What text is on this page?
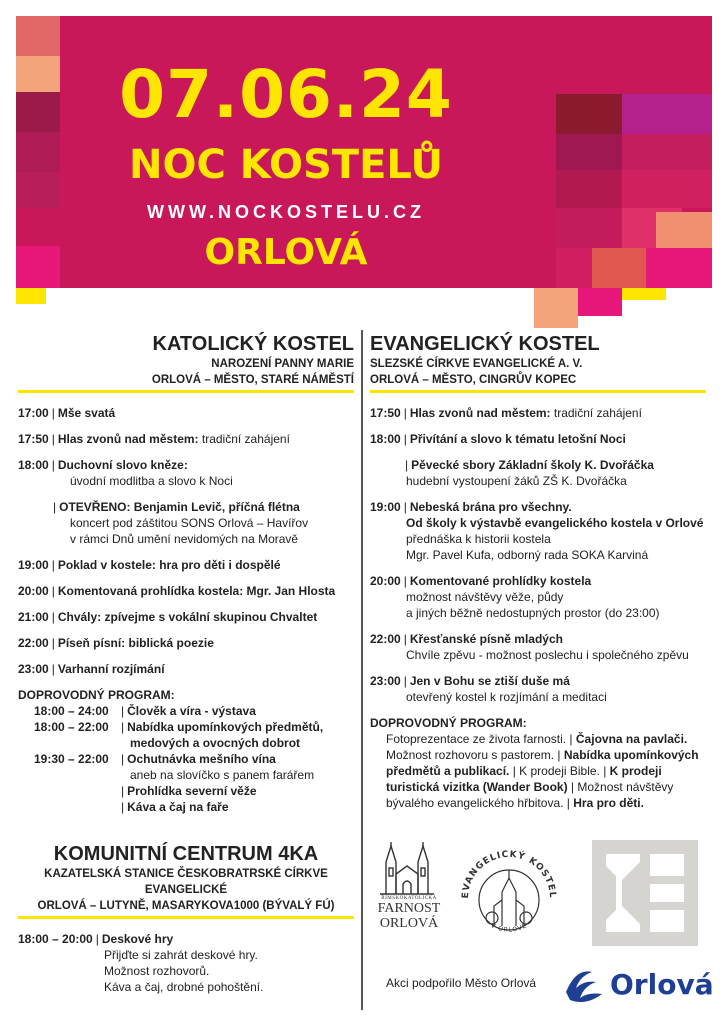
07.06.24
NOC KOSTELŮ
WWW.NOCKOSTELU.CZ
ORLOVÁ
KATOLICKÝ KOSTEL
NAROZENÍ PANNY MARIE
ORLOVÁ – MĚSTO, STARÉ NÁMĚSTÍ
17:00 | Mše svatá
17:50 | Hlas zvonů nad městem: tradiční zahájení
18:00 | Duchovní slovo kněze:
úvodní modlitba a slovo k Noci
| OTEVŘENO: Benjamin Levič, příčná flétna
koncert pod záštitou SONS Orlová – Havířov
v rámci Dnů umění nevidomých na Moravě
19:00 | Poklad v kostele: hra pro děti i dospělé
20:00 | Komentovaná prohlídka kostela: Mgr. Jan Hlosta
21:00 | Chvály: zpívejme s vokální skupinou Chvaltet
22:00 | Píseň písní: biblická poezie
23:00 | Varhanní rozjímání
DOPROVODNÝ PROGRAM:
18:00 – 24:00	| Člověk a víra - výstava
18:00 – 22:00	| Nabídka upomínkových předmětů,
medových a ovocných dobrot
19:30 – 22:00	| Ochutnávka mešního vína
aneb na slovíčko s panem farářem
| Prohlídka severní věže
| Káva a čaj na faře
EVANGELICKÝ KOSTEL
SLEZSKÉ CÍRKVE EVANGELICKÉ A. V.
ORLOVÁ – MĚSTO, CINGRŮV KOPEC
17:50 | Hlas zvonů nad městem: tradiční zahájení
18:00 | Přivítání a slovo k tématu letošní Noci
| Pěvecké sbory Základní školy K. Dvořáčka
hudební vystoupení žáků ZŠ K. Dvořáčka
19:00 | Nebeská brána pro všechny.
Od školy k výstavbě evangelického kostela v Orlové
přednáška k historii kostela
Mgr. Pavel Kufa, odborný rada SOKA Karviná
20:00 | Komentované prohlídky kostela
možnost návštěvy věže, půdy
a jiných běžně nedostupných prostor (do 23:00)
22:00 | Křesťanské písně mladých
Chvíle zpěvu - možnost poslechu i společného zpěvu
23:00 | Jen v Bohu se ztiší duše má
otevřený kostel k rozjímání a meditaci
DOPROVODNÝ PROGRAM:
Fotoprezentace ze života farnosti. | Čajovna na pavlači.
Možnost rozhovoru s pastorem. | Nabídka upomínkových
předmětů a publikací. | K prodeji Bible. | K prodeji
turistická vizitka (Wander Book) | Možnost návštěvy
bývalého evangelického hřbitova. | Hra pro děti.
KOMUNITNÍ CENTRUM 4KA
KAZATELSKÁ STANICE ČESKOBRATRSKÉ CÍRKVE EVANGELICKÉ
ORLOVÁ – LUTYNĚ, MASARYKOVA1000 (BÝVALÝ FÚ)
18:00 – 20:00 | Deskové hry
Přijďte si zahrát deskové hry.
Možnost rozhovorů.
Káva a čaj, drobné pohoštění.
ŘÍMSKOKATOLICKÁ
FARNOST
ORLOVÁ
EVANGELICKÝ KOSTEL
V ORLOVÉ
Akci podpořilo Město Orlová	Orlová
